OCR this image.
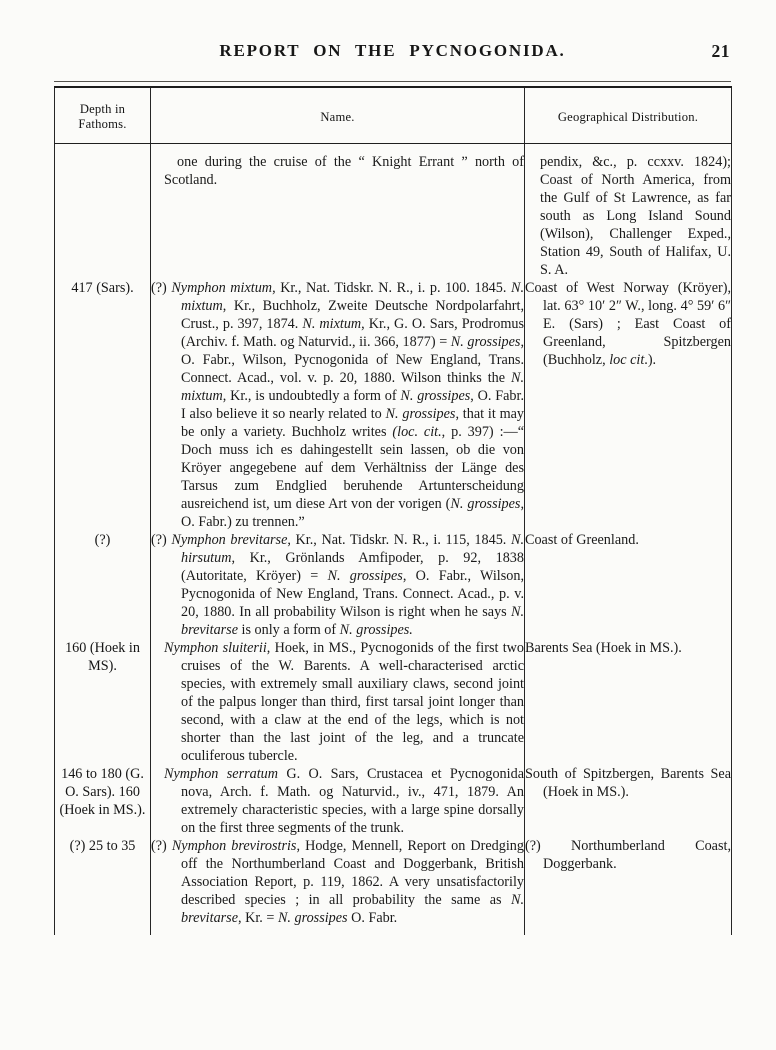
REPORT ON THE PYCNOGONIDA.	21
Depth in Fathoms.	Name.	Geographical Distribution.

	one during the cruise of the “ Knight Errant ” north of Scotland.	pendix, &c., p. ccxxv. 1824); Coast of North America, from the Gulf of St Lawrence, as far south as Long Island Sound (Wilson), Challenger Exped., Station 49, South of Halifax, U. S. A.

417 (Sars).	(?) Nymphon mixtum, Kr., Nat. Tidskr. N. R., i. p. 100. 1845. N. mixtum, Kr., Buchholz, Zweite Deutsche Nordpolarfahrt, Crust., p. 397, 1874. N. mixtum, Kr., G. O. Sars, Prodromus (Archiv. f. Math. og Naturvid., ii. 366, 1877) = N. grossipes, O. Fabr., Wilson, Pycnogonida of New England, Trans. Connect. Acad., vol. v. p. 20, 1880. Wilson thinks the N. mixtum, Kr., is undoubtedly a form of N. grossipes, O. Fabr. I also believe it so nearly related to N. grossipes, that it may be only a variety. Buchholz writes (loc. cit., p. 397) :—“ Doch muss ich es dahingestellt sein lassen, ob die von Kröyer angegebene auf dem Verhältniss der Länge des Tarsus zum Endglied beruhende Artunterscheidung ausreichend ist, um diese Art von der vorigen (N. grossipes, O. Fabr.) zu trennen.”	Coast of West Norway (Kröyer), lat. 63° 10′ 2″ W., long. 4° 59′ 6″ E. (Sars) ; East Coast of Greenland, Spitzbergen (Buchholz, loc cit.).

(?)	(?) Nymphon brevitarse, Kr., Nat. Tidskr. N. R., i. 115, 1845. N. hirsutum, Kr., Grönlands Amfipoder, p. 92, 1838 (Autoritate, Kröyer) = N. grossipes, O. Fabr., Wilson, Pycnogonida of New England, Trans. Connect. Acad., p. v. 20, 1880. In all probability Wilson is right when he says N. brevitarse is only a form of N. grossipes.	Coast of Greenland.

160 (Hoek in MS).	Nymphon sluiterii, Hoek, in MS., Pycnogonids of the first two cruises of the W. Barents. A well-characterised arctic species, with extremely small auxiliary claws, second joint of the palpus longer than third, first tarsal joint longer than second, with a claw at the end of the legs, which is not shorter than the last joint of the leg, and a truncate oculiferous tubercle.	Barents Sea (Hoek in MS.).

146 to 180 (G. O. Sars). 160 (Hoek in MS.).	Nymphon serratum G. O. Sars, Crustacea et Pycnogonida nova, Arch. f. Math. og Naturvid., iv., 471, 1879. An extremely characteristic species, with a large spine dorsally on the first three segments of the trunk.	South of Spitzbergen, Barents Sea (Hoek in MS.).

(?) 25 to 35	(?) Nymphon brevirostris, Hodge, Mennell, Report on Dredging off the Northumberland Coast and Doggerbank, British Association Report, p. 119, 1862. A very unsatisfactorily described species ; in all probability the same as N. brevitarse, Kr. = N. grossipes O. Fabr.	(?) Northumberland Coast, Doggerbank.
